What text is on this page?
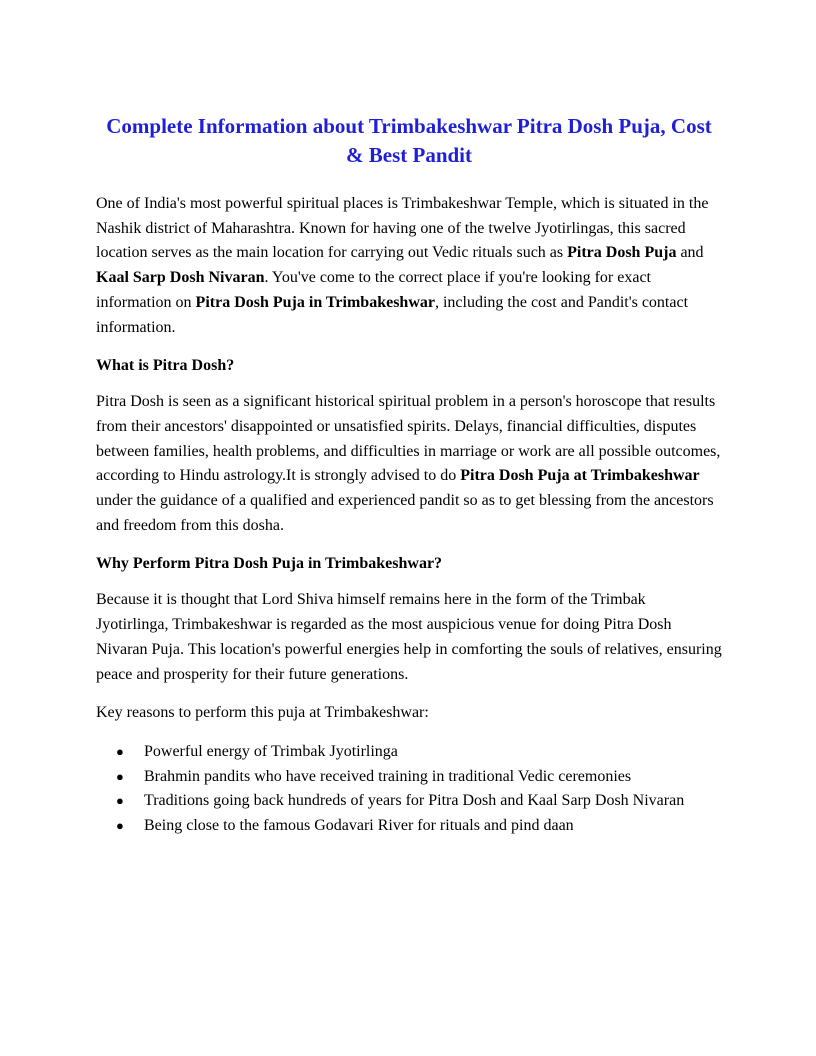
Complete Information about Trimbakeshwar Pitra Dosh Puja, Cost & Best Pandit

One of India's most powerful spiritual places is Trimbakeshwar Temple, which is situated in the Nashik district of Maharashtra. Known for having one of the twelve Jyotirlingas, this sacred location serves as the main location for carrying out Vedic rituals such as Pitra Dosh Puja and Kaal Sarp Dosh Nivaran. You've come to the correct place if you're looking for exact information on Pitra Dosh Puja in Trimbakeshwar, including the cost and Pandit's contact information.

What is Pitra Dosh?

Pitra Dosh is seen as a significant historical spiritual problem in a person's horoscope that results from their ancestors' disappointed or unsatisfied spirits. Delays, financial difficulties, disputes between families, health problems, and difficulties in marriage or work are all possible outcomes, according to Hindu astrology.It is strongly advised to do Pitra Dosh Puja at Trimbakeshwar under the guidance of a qualified and experienced pandit so as to get blessing from the ancestors and freedom from this dosha.

Why Perform Pitra Dosh Puja in Trimbakeshwar?

Because it is thought that Lord Shiva himself remains here in the form of the Trimbak Jyotirlinga, Trimbakeshwar is regarded as the most auspicious venue for doing Pitra Dosh Nivaran Puja. This location's powerful energies help in comforting the souls of relatives, ensuring peace and prosperity for their future generations.

Key reasons to perform this puja at Trimbakeshwar:

● Powerful energy of Trimbak Jyotirlinga
● Brahmin pandits who have received training in traditional Vedic ceremonies
● Traditions going back hundreds of years for Pitra Dosh and Kaal Sarp Dosh Nivaran
● Being close to the famous Godavari River for rituals and pind daan
